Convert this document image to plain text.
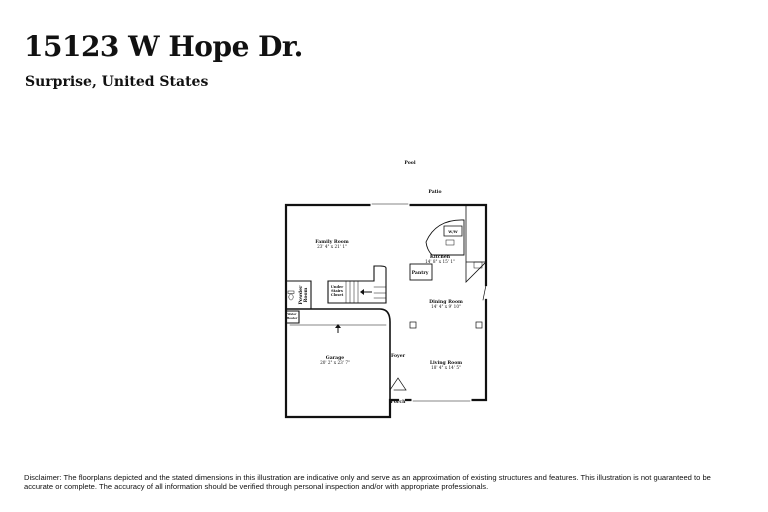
15123 W Hope Dr.
Surprise, United States
Pool
Patio
Porch
Foyer
Family Room
23' 4" x 21' 1"
Kitchen
14' 8" x 15' 1"
Dining Room
14' 4" x 9' 10"
Living Room
18' 4" x 14' 5"
Garage
20' 2" x 23' 7"
Powder Room
Under
Stairs
Closet
Pantry
W/W
Water
Heater

Disclaimer: The floorplans depicted and the stated dimensions in this illustration are indicative only and serve as an approximation of existing structures and features. This illustration is not guaranteed to be accurate or complete. The accuracy of all information should be verified through personal inspection and/or with appropriate professionals.
